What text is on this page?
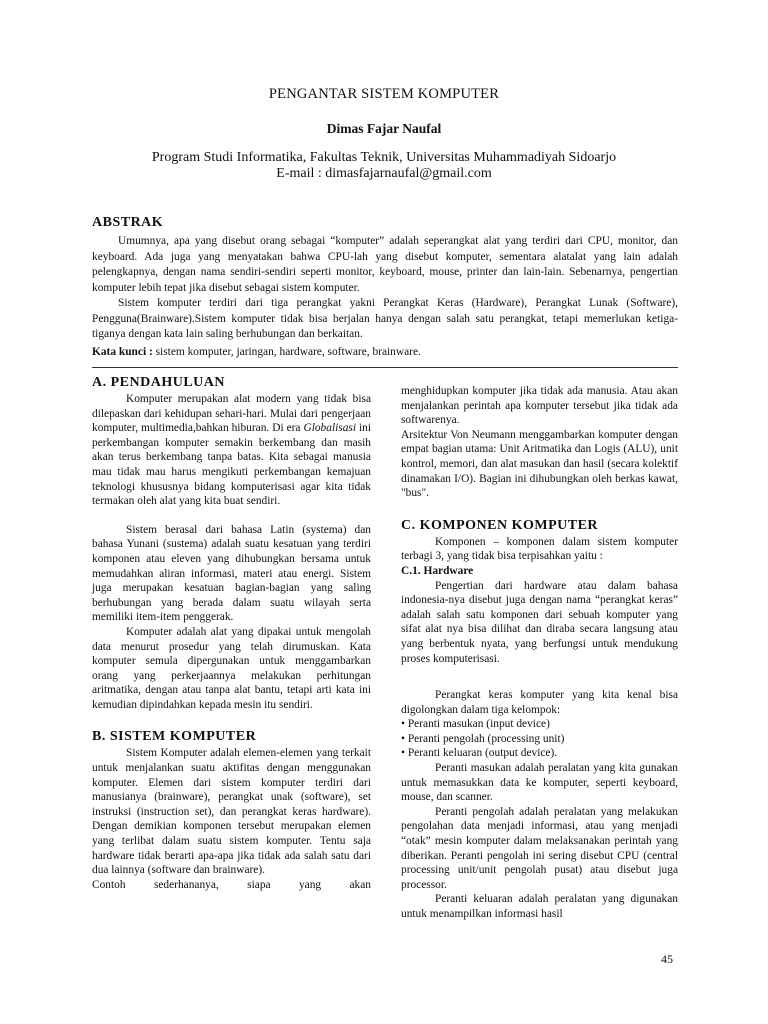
PENGANTAR SISTEM KOMPUTER
Dimas Fajar Naufal
Program Studi Informatika, Fakultas Teknik, Universitas Muhammadiyah Sidoarjo
E-mail : dimasfajarnaufal@gmail.com
ABSTRAK

Umumnya, apa yang disebut orang sebagai “komputer” adalah seperangkat alat yang terdiri dari CPU, monitor, dan keyboard. Ada juga yang menyatakan bahwa CPU-lah yang disebut komputer, sementara alatalat yang lain adalah pelengkapnya, dengan nama sendiri-sendiri seperti monitor, keyboard, mouse, printer dan lain-lain. Sebenarnya, pengertian komputer lebih tepat jika disebut sebagai sistem komputer.

Sistem komputer terdiri dari tiga perangkat yakni Perangkat Keras (Hardware), Perangkat Lunak (Software), Pengguna(Brainware).Sistem komputer tidak bisa berjalan hanya dengan salah satu perangkat, tetapi memerlukan ketiga-tiganya dengan kata lain saling berhubungan dan berkaitan.

Kata kunci : sistem komputer, jaringan, hardware, software, brainware.

A. PENDAHULUAN

Komputer merupakan alat modern yang tidak bisa dilepaskan dari kehidupan sehari-hari. Mulai dari pengerjaan komputer, multimedia,bahkan hiburan. Di era Globalisasi ini perkembangan komputer semakin berkembang dan masih akan terus berkembang tanpa batas. Kita sebagai manusia mau tidak mau harus mengikuti perkembangan kemajuan teknologi khususnya bidang komputerisasi agar kita tidak termakan oleh alat yang kita buat sendiri.

Sistem berasal dari bahasa Latin (systema) dan bahasa Yunani (sustema) adalah suatu kesatuan yang terdiri komponen atau eleven yang dihubungkan bersama untuk memudahkan aliran informasi, materi atau energi. Sistem juga merupakan kesatuan bagian-bagian yang saling berhubungan yang berada dalam suatu wilayah serta memiliki item-item penggerak.

Komputer adalah alat yang dipakai untuk mengolah data menurut prosedur yang telah dirumuskan. Kata komputer semula dipergunakan untuk menggambarkan orang yang perkerjaannya melakukan perhitungan aritmatika, dengan atau tanpa alat bantu, tetapi arti kata ini kemudian dipindahkan kepada mesin itu sendiri.

B. SISTEM KOMPUTER

Sistem Komputer adalah elemen-elemen yang terkait untuk menjalankan suatu aktifitas dengan menggunakan komputer. Elemen dari sistem komputer terdiri dari manusianya (brainware), perangkat unak (software), set instruksi (instruction set), dan perangkat keras hardware). Dengan demikian komponen tersebut merupakan elemen yang terlibat dalam suatu sistem komputer. Tentu saja hardware tidak berarti apa-apa jika tidak ada salah satu dari dua lainnya (software dan brainware).

Contoh sederhananya, siapa yang akan

menghidupkan komputer jika tidak ada manusia. Atau akan menjalankan perintah apa komputer tersebut jika tidak ada softwarenya.

Arsitektur Von Neumann menggambarkan komputer dengan empat bagian utama: Unit Aritmatika dan Logis (ALU), unit kontrol, memori, dan alat masukan dan hasil (secara kolektif dinamakan I/O). Bagian ini dihubungkan oleh berkas kawat, "bus".

C. KOMPONEN KOMPUTER

Komponen – komponen dalam sistem komputer terbagi 3, yang tidak bisa terpisahkan yaitu :

C.1. Hardware

Pengertian dari hardware atau dalam bahasa indonesia-nya disebut juga dengan nama “perangkat keras” adalah salah satu komponen dari sebuah komputer yang sifat alat nya bisa dilihat dan diraba secara langsung atau yang berbentuk nyata, yang berfungsi untuk mendukung proses komputerisasi.

Perangkat keras komputer yang kita kenal bisa digolongkan dalam tiga kelompok:

• Peranti masukan (input device)

• Peranti pengolah (processing unit)

• Peranti keluaran (output device).

Peranti masukan adalah peralatan yang kita gunakan untuk memasukkan data ke komputer, seperti keyboard, mouse, dan scanner.

Peranti pengolah adalah peralatan yang melakukan pengolahan data menjadi informasi, atau yang menjadi “otak” mesin komputer dalam melaksanakan perintah yang diberikan. Peranti pengolah ini sering disebut CPU (central processing unit/unit pengolah pusat) atau disebut juga processor.

Peranti keluaran adalah peralatan yang digunakan untuk menampilkan informasi hasil

45
